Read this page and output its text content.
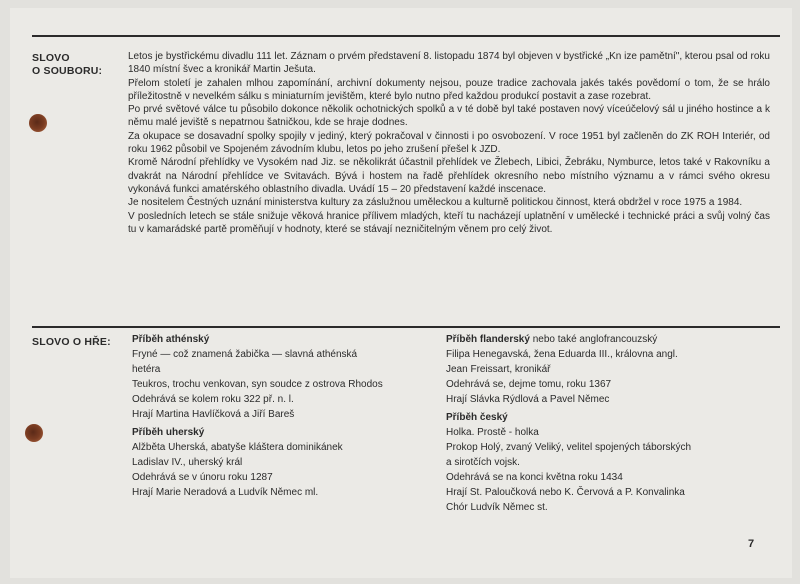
SLOVO
O SOUBORU:

Letos je bystřickému divadlu 111 let. Záznam o prvém představení 8. listopadu 1874 byl objeven v bystřické „Kn ize pamětní", kterou psal od roku 1840 místní švec a kronikář Martin Ješuta.

Přelom století je zahalen mlhou zapomínání, archivní dokumenty nejsou, pouze tradice zachovala jakés takés povědomí o tom, že se hrálo příležitostně v nevelkém sálku s miniaturním jevištěm, které bylo nutno před každou produkcí postavit a zase rozebrat.

Po prvé světové válce tu působilo dokonce několik ochotnických spolků a v té době byl také postaven nový víceúčelový sál u jiného hostince a k němu malé jeviště s nepatrnou šatničkou, kde se hraje dodnes.

Za okupace se dosavadní spolky spojily v jediný, který pokračoval v činnosti i po osvobození. V roce 1951 byl začleněn do ZK ROH Interiér, od roku 1962 působil ve Spojeném závodním klubu, letos po jeho zrušení přešel k JZD.

Kromě Národní přehlídky ve Vysokém nad Jiz. se několikrát účastnil přehlídek ve Žlebech, Libici, Žebráku, Nymburce, letos také v Rakovníku a dvakrát na Národní přehlídce ve Svitavách. Bývá i hostem na řadě přehlídek okresního nebo místního významu a v rámci svého okresu vykonává funkci amatérského oblastního divadla. Uvádí 15 – 20 představení každé inscenace.

Je nositelem Čestných uznání ministerstva kultury za záslužnou uměleckou a kulturně politickou činnost, která obdržel v roce 1975 a 1984.

V posledních letech se stále snižuje věková hranice přílivem mladých, kteří tu nacházejí uplatnění v umělecké i technické práci a svůj volný čas tu v kamarádské partě proměňují v hodnoty, které se stávají nezničitelným věnem pro celý život.

SLOVO O HŘE:	Příběh athénský
Fryné — což znamená žabička — slavná athénská
hetéra
Teukros, trochu venkovan, syn soudce z ostrova Rhodos
Odehrává se kolem roku 322 př. n. l.
Hrají Martina Havlíčková a Jiří Bareš
Příběh uherský
Alžběta Uherská, abatyše kláštera dominikánek
Ladislav IV., uherský král
Odehrává se v únoru roku 1287
Hrají Marie Neradová a Ludvík Němec ml.
Příběh flanderský nebo také anglofrancouzský
Filipa Henegavská, žena Eduarda III., královna angl.
Jean Freissart, kronikář
Odehrává se, dejme tomu, roku 1367
Hrají Slávka Rýdlová a Pavel Němec
Příběh český
Holka. Prostě - holka
Prokop Holý, zvaný Veliký, velitel spojených táborských
a sirotčích vojsk.
Odehrává se na konci května roku 1434
Hrají St. Paloučková nebo K. Červová a P. Konvalinka
Chór Ludvík Němec st.
7
